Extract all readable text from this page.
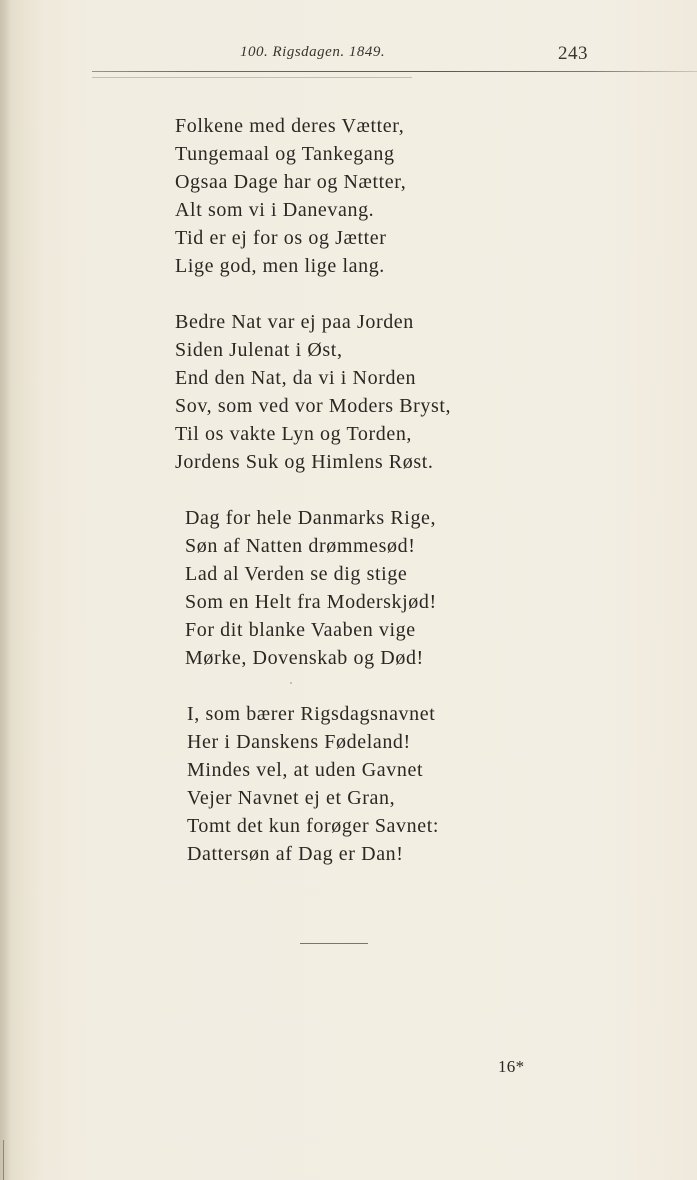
100. Rigsdagen. 1849.	243
Folkene med deres Vætter,
Tungemaal og Tankegang
Ogsaa Dage har og Nætter,
Alt som vi i Danevang.
Tid er ej for os og Jætter
Lige god, men lige lang.
Bedre Nat var ej paa Jorden
Siden Julenat i Øst,
End den Nat, da vi i Norden
Sov, som ved vor Moders Bryst,
Til os vakte Lyn og Torden,
Jordens Suk og Himlens Røst.
Dag for hele Danmarks Rige,
Søn af Natten drømmesød!
Lad al Verden se dig stige
Som en Helt fra Moderskjød!
For dit blanke Vaaben vige
Mørke, Dovenskab og Død!
I, som bærer Rigsdagsnavnet
Her i Danskens Fødeland!
Mindes vel, at uden Gavnet
Vejer Navnet ej et Gran,
Tomt det kun forøger Savnet:
Dattersøn af Dag er Dan!
16*
